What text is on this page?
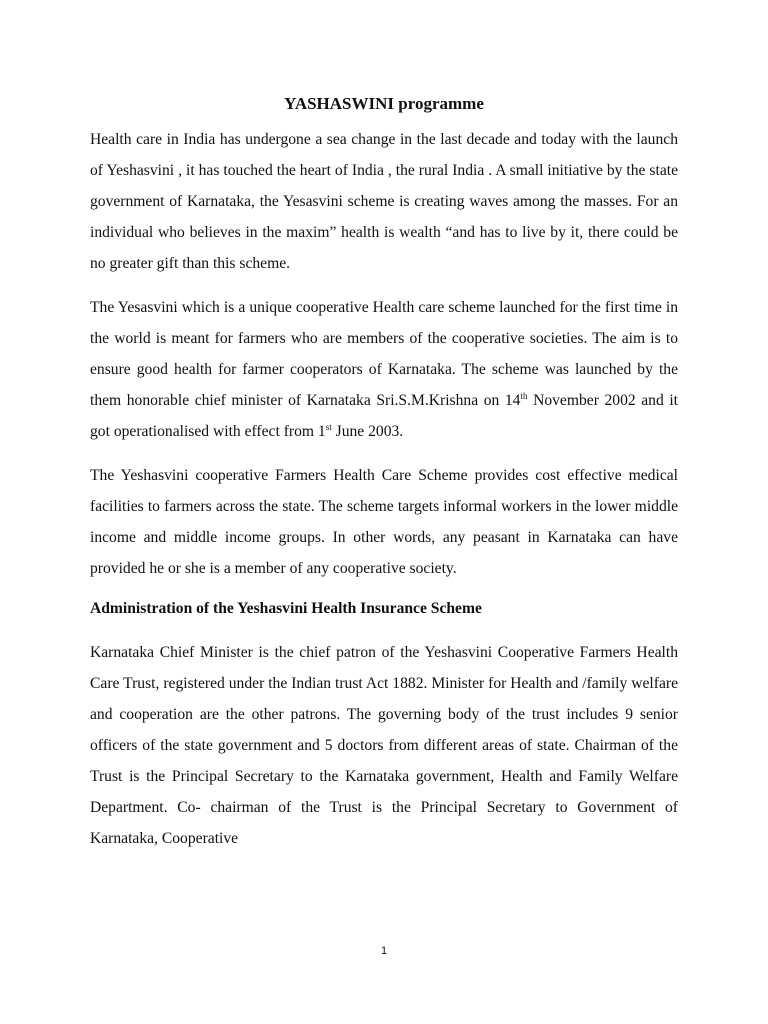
YASHASWINI programme

Health care in India has undergone a sea change in the last decade and today with the launch of Yeshasvini , it has touched the heart of India , the rural India . A small initiative by the state government of Karnataka, the Yesasvini scheme is creating waves among the masses. For an individual who believes in the maxim” health is wealth “and has to live by it, there could be no greater gift than this scheme.

The Yesasvini which is a unique cooperative Health care scheme launched for the first time in the world is meant for farmers who are members of the cooperative societies. The aim is to ensure good health for farmer cooperators of Karnataka. The scheme was launched by the them honorable chief minister of Karnataka Sri.S.M.Krishna on 14th November 2002 and it got operationalised with effect from 1st June 2003.

The Yeshasvini cooperative Farmers Health Care Scheme provides cost effective medical facilities to farmers across the state. The scheme targets informal workers in the lower middle income and middle income groups. In other words, any peasant in Karnataka can have provided he or she is a member of any cooperative society.

Administration of the Yeshasvini Health Insurance Scheme

Karnataka Chief Minister is the chief patron of the Yeshasvini Cooperative Farmers Health Care Trust, registered under the Indian trust Act 1882. Minister for Health and /family welfare and cooperation are the other patrons. The governing body of the trust includes 9 senior officers of the state government and 5 doctors from different areas of state. Chairman of the Trust is the Principal Secretary to the Karnataka government, Health and Family Welfare Department. Co- chairman of the Trust is the Principal Secretary to Government of Karnataka, Cooperative

1
